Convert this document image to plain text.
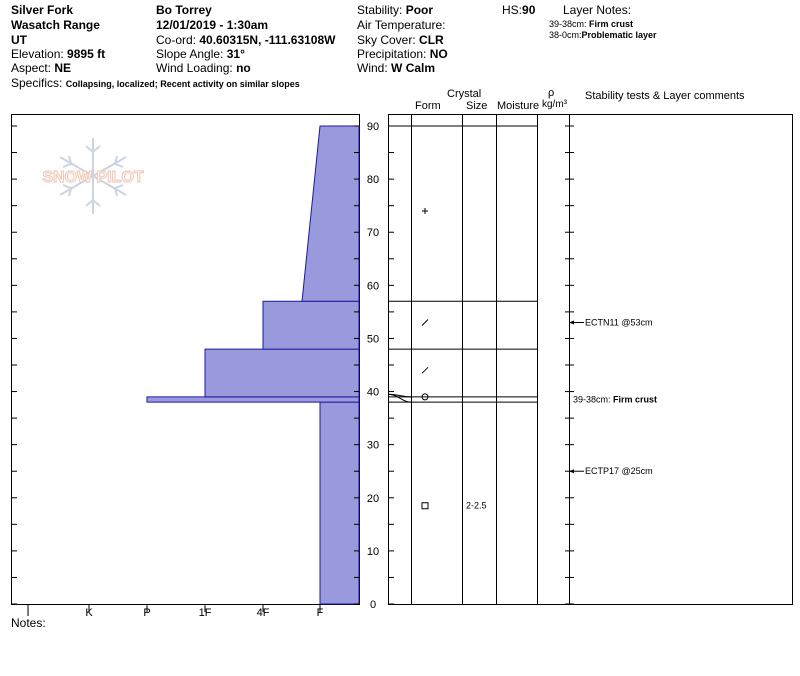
Silver Fork
Wasatch Range
UT
Elevation: 9895 ft
Aspect: NE
Specifics: Collapsing, localized; Recent activity on similar slopes
Bo Torrey
12/01/2019 - 1:30am
Co-ord: 40.60315N, -111.63108W
Slope Angle: 31°
Wind Loading: no
Stability: Poor
Air Temperature:
Sky Cover: CLR
Precipitation: NO
Wind: W Calm
HS:90 Layer Notes:
39-38cm: Firm crust
38-0cm:Problematic layer
Crystal
Form Size Moisture
ρ
kg/m³
Stability tests & Layer comments
Notes:
SNOW PILOT
0
10
20
30
40
50
60
70
80
90
I	K	P	1F	4F	F
2-2.5
ECTN11 @53cm
ECTP17 @25cm
39-38cm: Firm crust
